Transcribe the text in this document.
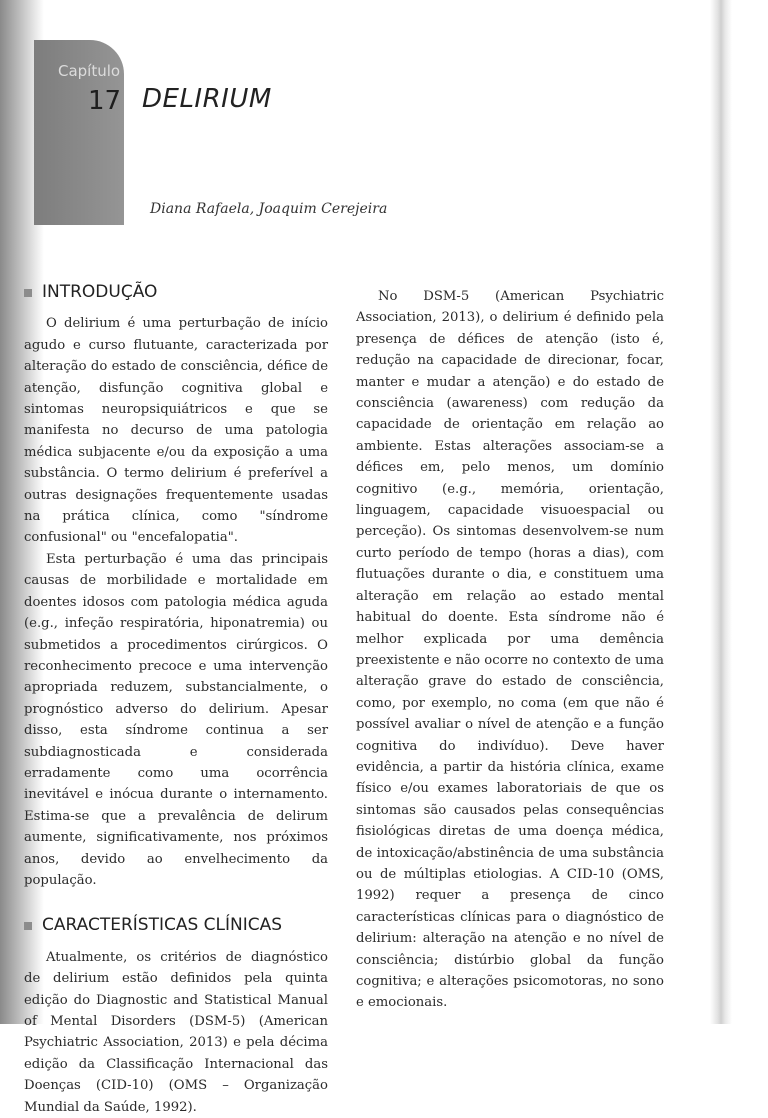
Capítulo
17 DELIRIUM
Diana Rafaela, Joaquim Cerejeira
INTRODUÇÃO

O delirium é uma perturbação de início agudo e curso flutuante, caracterizada por alteração do estado de consciência, défice de atenção, disfunção cognitiva global e sintomas neuropsiquiátricos e que se manifesta no decurso de uma patologia médica subjacente e/ou da exposição a uma substância. O termo delirium é preferível a outras designações frequentemente usadas na prática clínica, como "síndrome confusional" ou "encefalopatia".

Esta perturbação é uma das principais causas de morbilidade e mortalidade em doentes idosos com patologia médica aguda (e.g., infeção respiratória, hiponatremia) ou submetidos a procedimentos cirúrgicos. O reconhecimento precoce e uma intervenção apropriada reduzem, substancialmente, o prognóstico adverso do delirium. Apesar disso, esta síndrome continua a ser subdiagnosticada e considerada erradamente como uma ocorrência inevitável e inócua durante o internamento. Estima-se que a prevalência de delirum aumente, significativamente, nos próximos anos, devido ao envelhecimento da população.

CARACTERÍSTICAS CLÍNICAS

Atualmente, os critérios de diagnóstico de delirium estão definidos pela quinta edição do Diagnostic and Statistical Manual of Mental Disorders (DSM-5) (American Psychiatric Association, 2013) e pela décima edição da Classificação Internacional das Doenças (CID-10) (OMS – Organização Mundial da Saúde, 1992).

No DSM-5 (American Psychiatric Association, 2013), o delirium é definido pela presença de défices de atenção (isto é, redução na capacidade de direcionar, focar, manter e mudar a atenção) e do estado de consciência (awareness) com redução da capacidade de orientação em relação ao ambiente. Estas alterações associam-se a défices em, pelo menos, um domínio cognitivo (e.g., memória, orientação, linguagem, capacidade visuoespacial ou perceção). Os sintomas desenvolvem-se num curto período de tempo (horas a dias), com flutuações durante o dia, e constituem uma alteração em relação ao estado mental habitual do doente. Esta síndrome não é melhor explicada por uma demência preexistente e não ocorre no contexto de uma alteração grave do estado de consciência, como, por exemplo, no coma (em que não é possível avaliar o nível de atenção e a função cognitiva do indivíduo). Deve haver evidência, a partir da história clínica, exame físico e/ou exames laboratoriais de que os sintomas são causados pelas consequências fisiológicas diretas de uma doença médica, de intoxicação/abstinência de uma substância ou de múltiplas etiologias. A CID-10 (OMS, 1992) requer a presença de cinco características clínicas para o diagnóstico de delirium: alteração na atenção e no nível de consciência; distúrbio global da função cognitiva; e alterações psicomotoras, no sono e emocionais.
